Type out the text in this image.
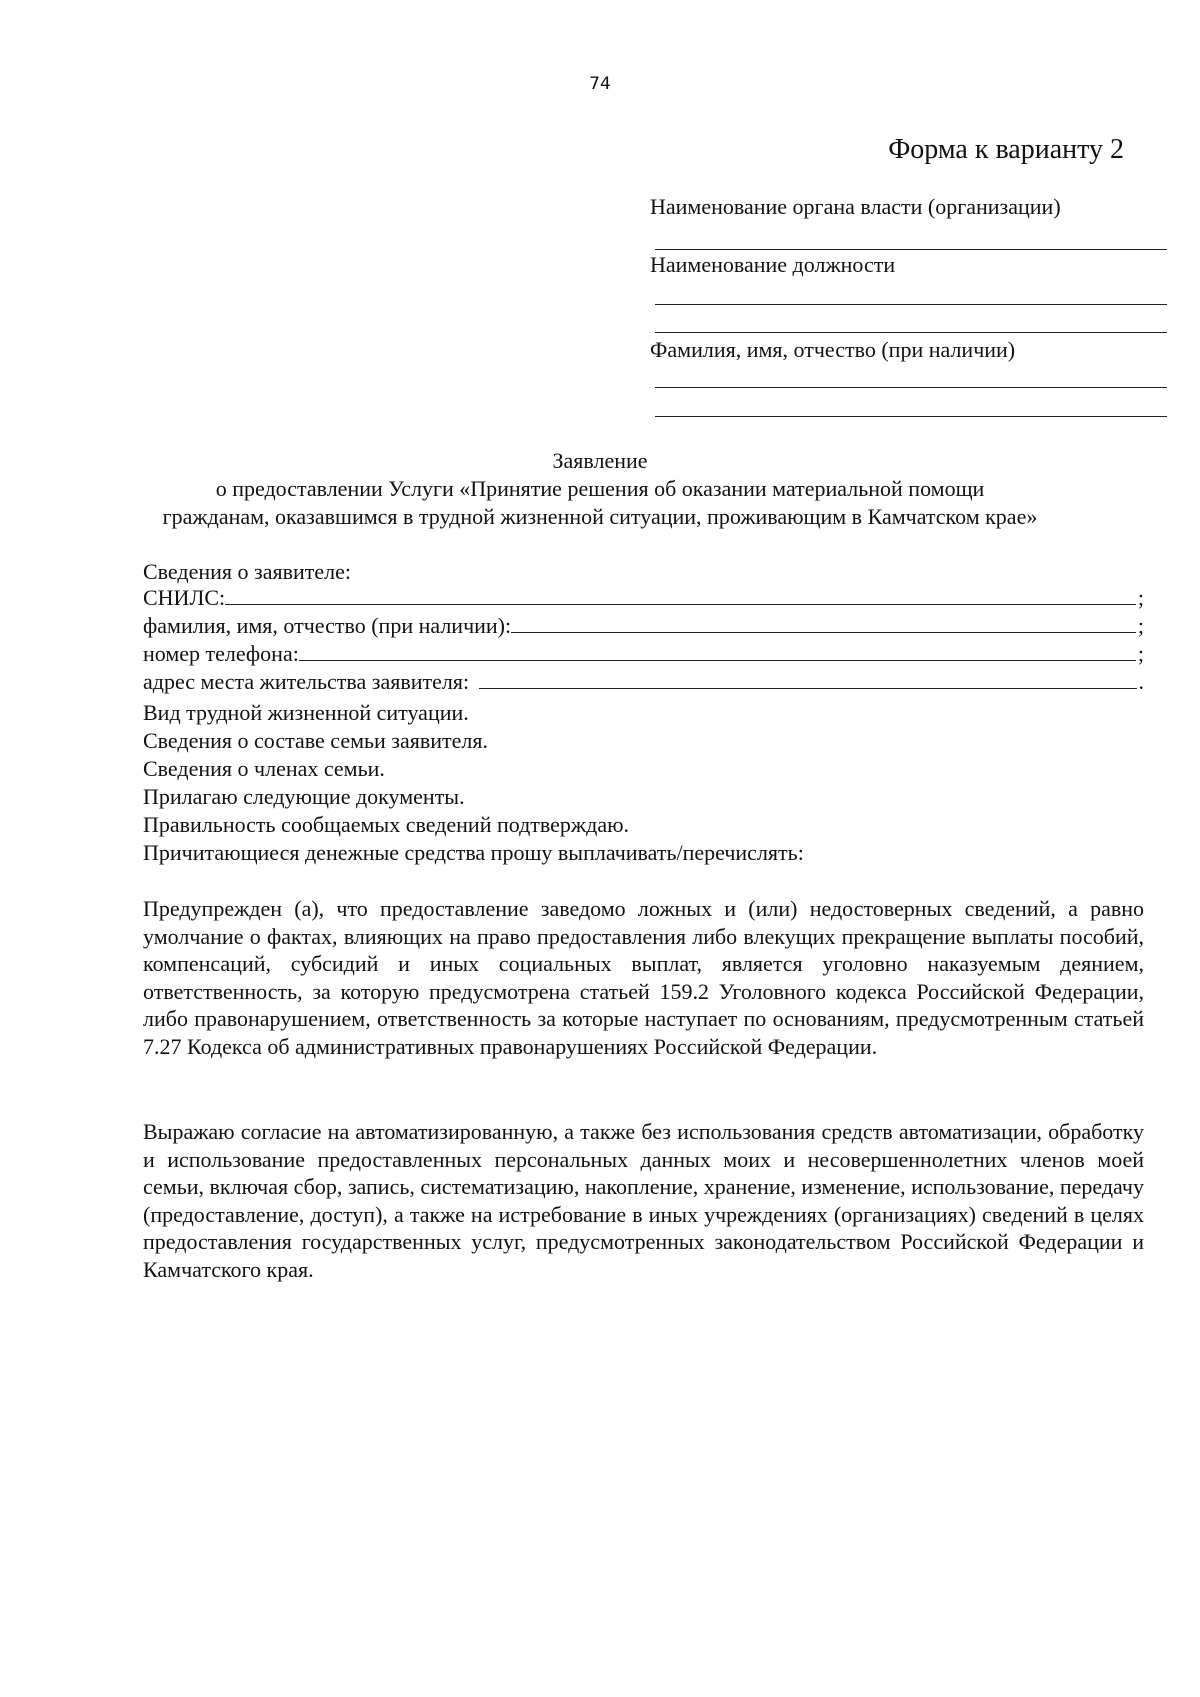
74
Форма к варианту 2
Наименование органа власти (организации)
Наименование должности
Фамилия, имя, отчество (при наличии)
Заявление
о предоставлении Услуги «Принятие решения об оказании материальной помощи
гражданам, оказавшимся в трудной жизненной ситуации, проживающим в Камчатском крае»
Сведения о заявителе:
СНИЛС:	;
фамилия, имя, отчество (при наличии):	;
номер телефона:	;
адрес места жительства заявителя:	.
Вид трудной жизненной ситуации.
Сведения о составе семьи заявителя.
Сведения о членах семьи.
Прилагаю следующие документы.
Правильность сообщаемых сведений подтверждаю.
Причитающиеся денежные средства прошу выплачивать/перечислять:
Предупрежден (а), что предоставление заведомо ложных и (или) недостоверных сведений, а равно умолчание о фактах, влияющих на право предоставления либо влекущих прекращение выплаты пособий, компенсаций, субсидий и иных социальных выплат, является уголовно наказуемым деянием, ответственность, за которую предусмотрена статьей 159.2 Уголовного кодекса Российской Федерации, либо правонарушением, ответственность за которые наступает по основаниям, предусмотренным статьей 7.27 Кодекса об административных правонарушениях Российской Федерации.
Выражаю согласие на автоматизированную, а также без использования средств автоматизации, обработку и использование предоставленных персональных данных моих и несовершеннолетних членов моей семьи, включая сбор, запись, систематизацию, накопление, хранение, изменение, использование, передачу (предоставление, доступ), а также на истребование в иных учреждениях (организациях) сведений в целях предоставления государственных услуг, предусмотренных законодательством Российской Федерации и Камчатского края.
